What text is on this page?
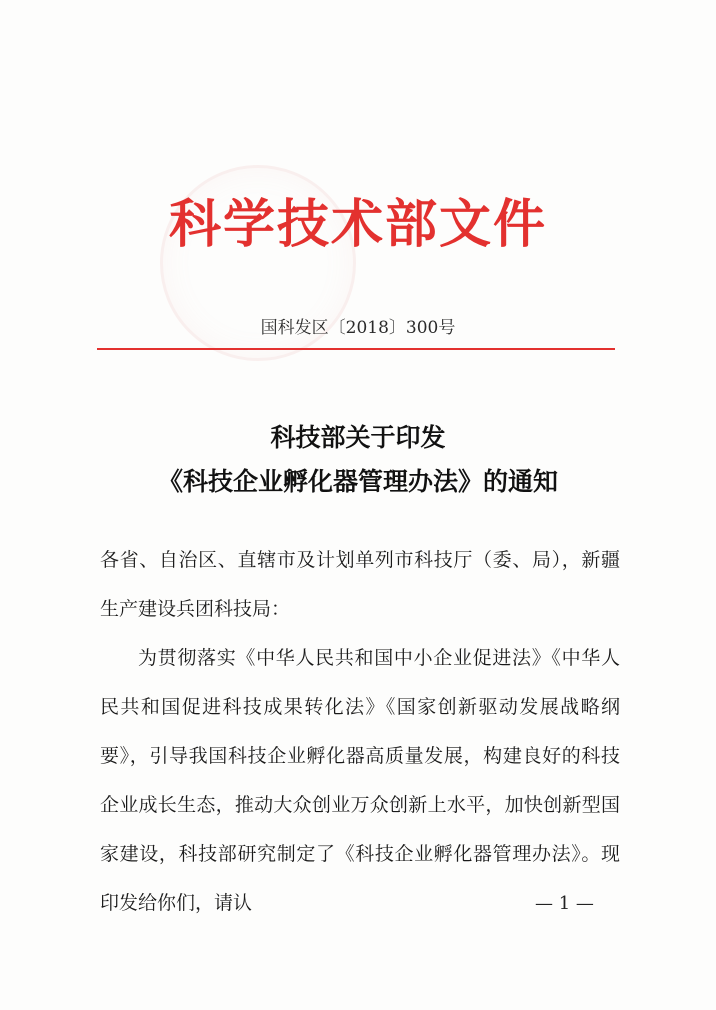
科学技术部文件
国科发区〔2018〕300号
科技部关于印发
《科技企业孵化器管理办法》的通知

各省、自治区、直辖市及计划单列市科技厅（委、局），新疆生产建设兵团科技局：

为贯彻落实《中华人民共和国中小企业促进法》《中华人民共和国促进科技成果转化法》《国家创新驱动发展战略纲要》，引导我国科技企业孵化器高质量发展，构建良好的科技企业成长生态，推动大众创业万众创新上水平，加快创新型国家建设，科技部研究制定了《科技企业孵化器管理办法》。现印发给你们，请认	— 1 —
